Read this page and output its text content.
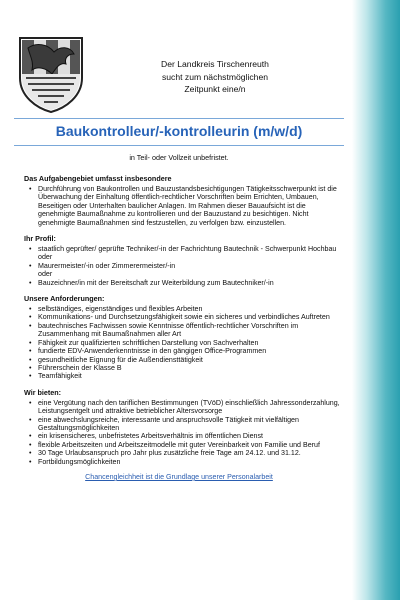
Der Landkreis Tirschenreuth
sucht zum nächstmöglichen
Zeitpunkt eine/n
Baukontrolleur/-kontrolleurin (m/w/d)
in Teil- oder Vollzeit unbefristet.
Das Aufgabengebiet umfasst insbesondere
• Durchführung von Baukontrollen und Bauzustandsbesichtigungen Tätigkeitsschwerpunkt ist die Überwachung der Einhaltung öffentlich-rechtlicher Vorschriften beim Errichten, Umbauen, Beseitigen oder Unterhalten baulicher Anlagen. Im Rahmen dieser Bauaufsicht ist die genehmigte Baumaßnahme zu kontrollieren und der Bauzustand zu besichtigen. Nicht genehmigte Baumaßnahmen sind festzustellen, zu verfolgen bzw. einzustellen.
Ihr Profil:
• staatlich geprüfter/ geprüfte Techniker/-in der Fachrichtung Bautechnik - Schwerpunkt Hochbau
oder
• Maurermeister/-in oder Zimmerermeister/-in
oder
• Bauzeichner/in mit der Bereitschaft zur Weiterbildung zum Bautechniker/-in
Unsere Anforderungen:
• selbständiges, eigenständiges und flexibles Arbeiten
• Kommunikations- und Durchsetzungsfähigkeit sowie ein sicheres und verbindliches Auftreten
• bautechnisches Fachwissen sowie Kenntnisse öffentlich-rechtlicher Vorschriften im Zusammenhang mit Baumaßnahmen aller Art
• Fähigkeit zur qualifizierten schriftlichen Darstellung von Sachverhalten
• fundierte EDV-Anwenderkenntnisse in den gängigen Office-Programmen
• gesundheitliche Eignung für die Außendiensttätigkeit
• Führerschein der Klasse B
• Teamfähigkeit
Wir bieten:
• eine Vergütung nach den tariflichen Bestimmungen (TVöD) einschließlich Jahressonderzahlung, Leistungsentgelt und attraktive betrieblicher Altersvorsorge
• eine abwechslungsreiche, interessante und anspruchsvolle Tätigkeit mit vielfältigen Gestaltungsmöglichkeiten
• ein krisensicheres, unbefristetes Arbeitsverhältnis im öffentlichen Dienst
• flexible Arbeitszeiten und Arbeitszeitmodelle mit guter Vereinbarkeit von Familie und Beruf
• 30 Tage Urlaubsanspruch pro Jahr plus zusätzliche freie Tage am 24.12. und 31.12.
• Fortbildungsmöglichkeiten
Chancengleichheit ist die Grundlage unserer Personalarbeit
